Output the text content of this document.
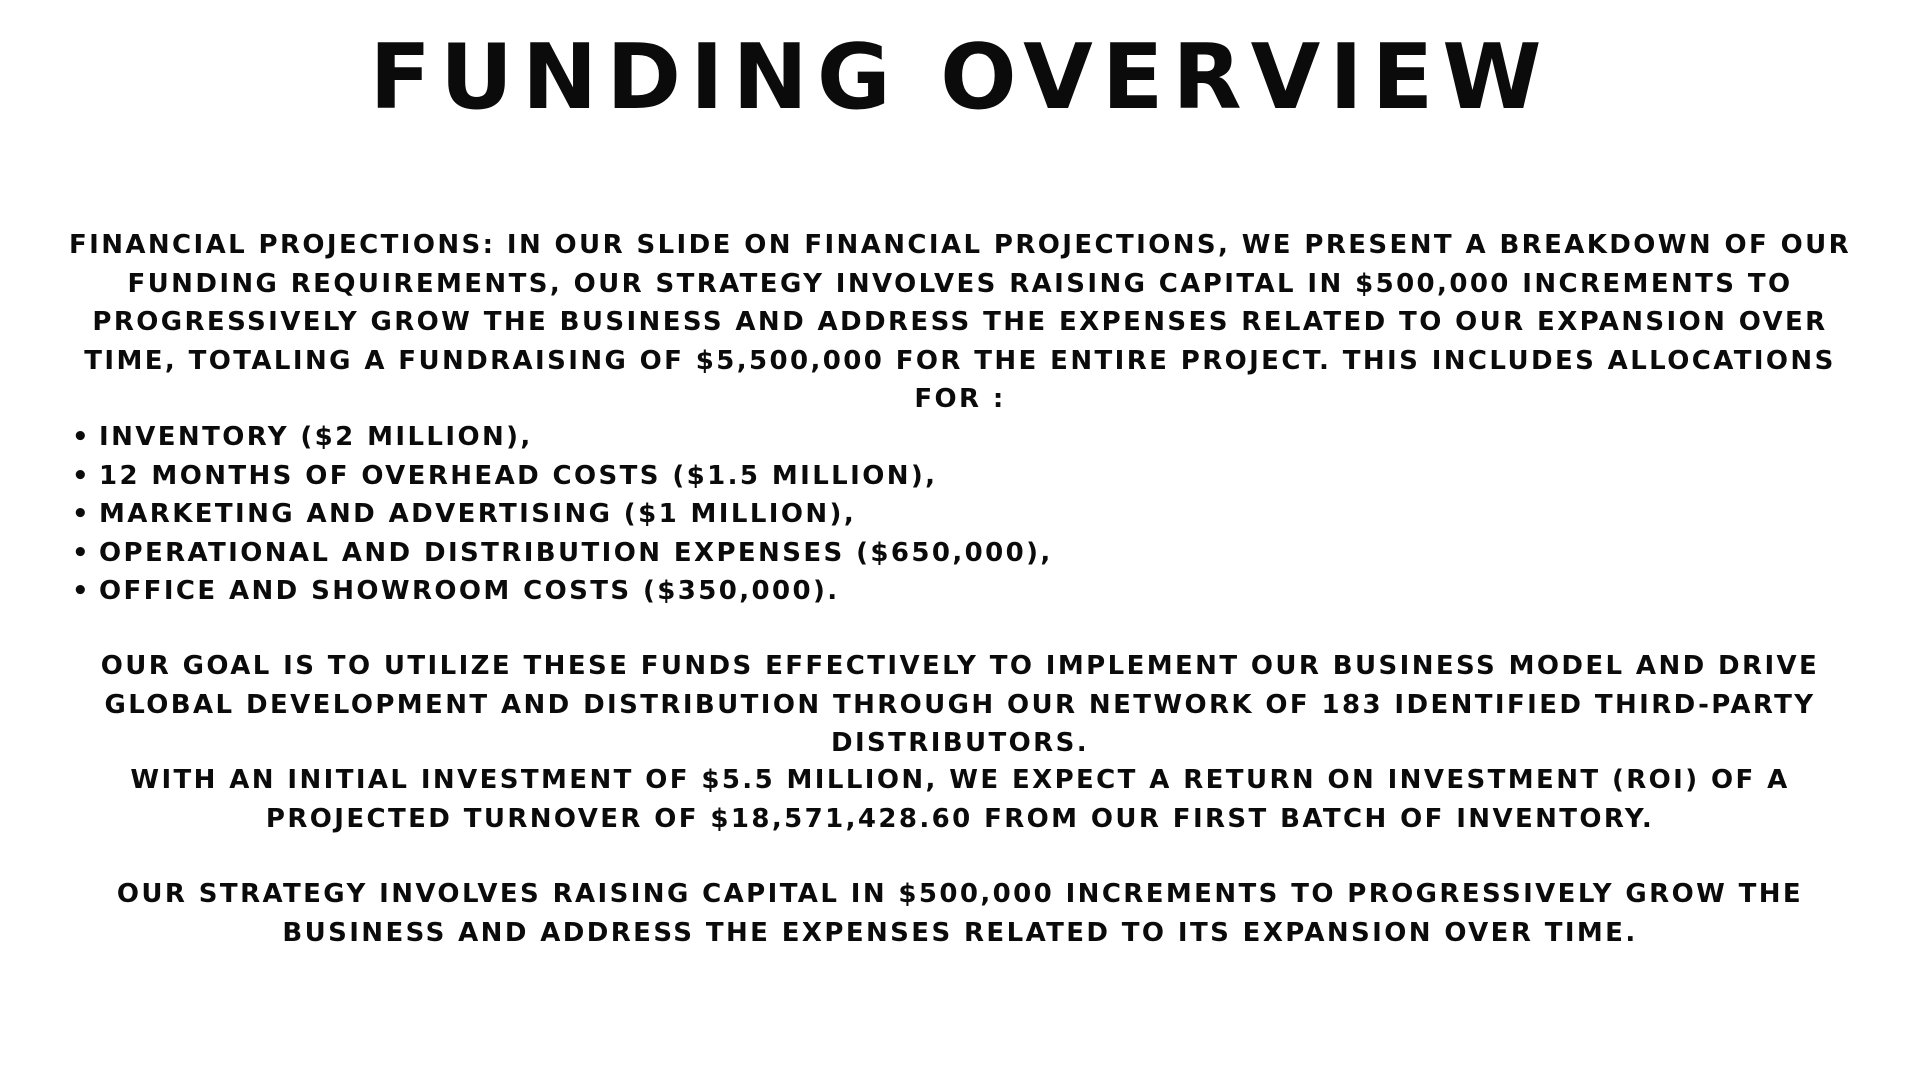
FUNDING OVERVIEW

FINANCIAL PROJECTIONS: IN OUR SLIDE ON FINANCIAL PROJECTIONS, WE PRESENT A BREAKDOWN OF OUR FUNDING REQUIREMENTS, OUR STRATEGY INVOLVES RAISING CAPITAL IN $500,000 INCREMENTS TO PROGRESSIVELY GROW THE BUSINESS AND ADDRESS THE EXPENSES RELATED TO OUR EXPANSION OVER TIME, TOTALING A FUNDRAISING OF $5,500,000 FOR THE ENTIRE PROJECT. THIS INCLUDES ALLOCATIONS FOR :

• INVENTORY ($2 MILLION),
• 12 MONTHS OF OVERHEAD COSTS ($1.5 MILLION),
• MARKETING AND ADVERTISING ($1 MILLION),
• OPERATIONAL AND DISTRIBUTION EXPENSES ($650,000),
• OFFICE AND SHOWROOM COSTS ($350,000).

OUR GOAL IS TO UTILIZE THESE FUNDS EFFECTIVELY TO IMPLEMENT OUR BUSINESS MODEL AND DRIVE GLOBAL DEVELOPMENT AND DISTRIBUTION THROUGH OUR NETWORK OF 183 IDENTIFIED THIRD-PARTY DISTRIBUTORS.

WITH AN INITIAL INVESTMENT OF $5.5 MILLION, WE EXPECT A RETURN ON INVESTMENT (ROI) OF A PROJECTED TURNOVER OF $18,571,428.60 FROM OUR FIRST BATCH OF INVENTORY.

OUR STRATEGY INVOLVES RAISING CAPITAL IN $500,000 INCREMENTS TO PROGRESSIVELY GROW THE BUSINESS AND ADDRESS THE EXPENSES RELATED TO ITS EXPANSION OVER TIME.
